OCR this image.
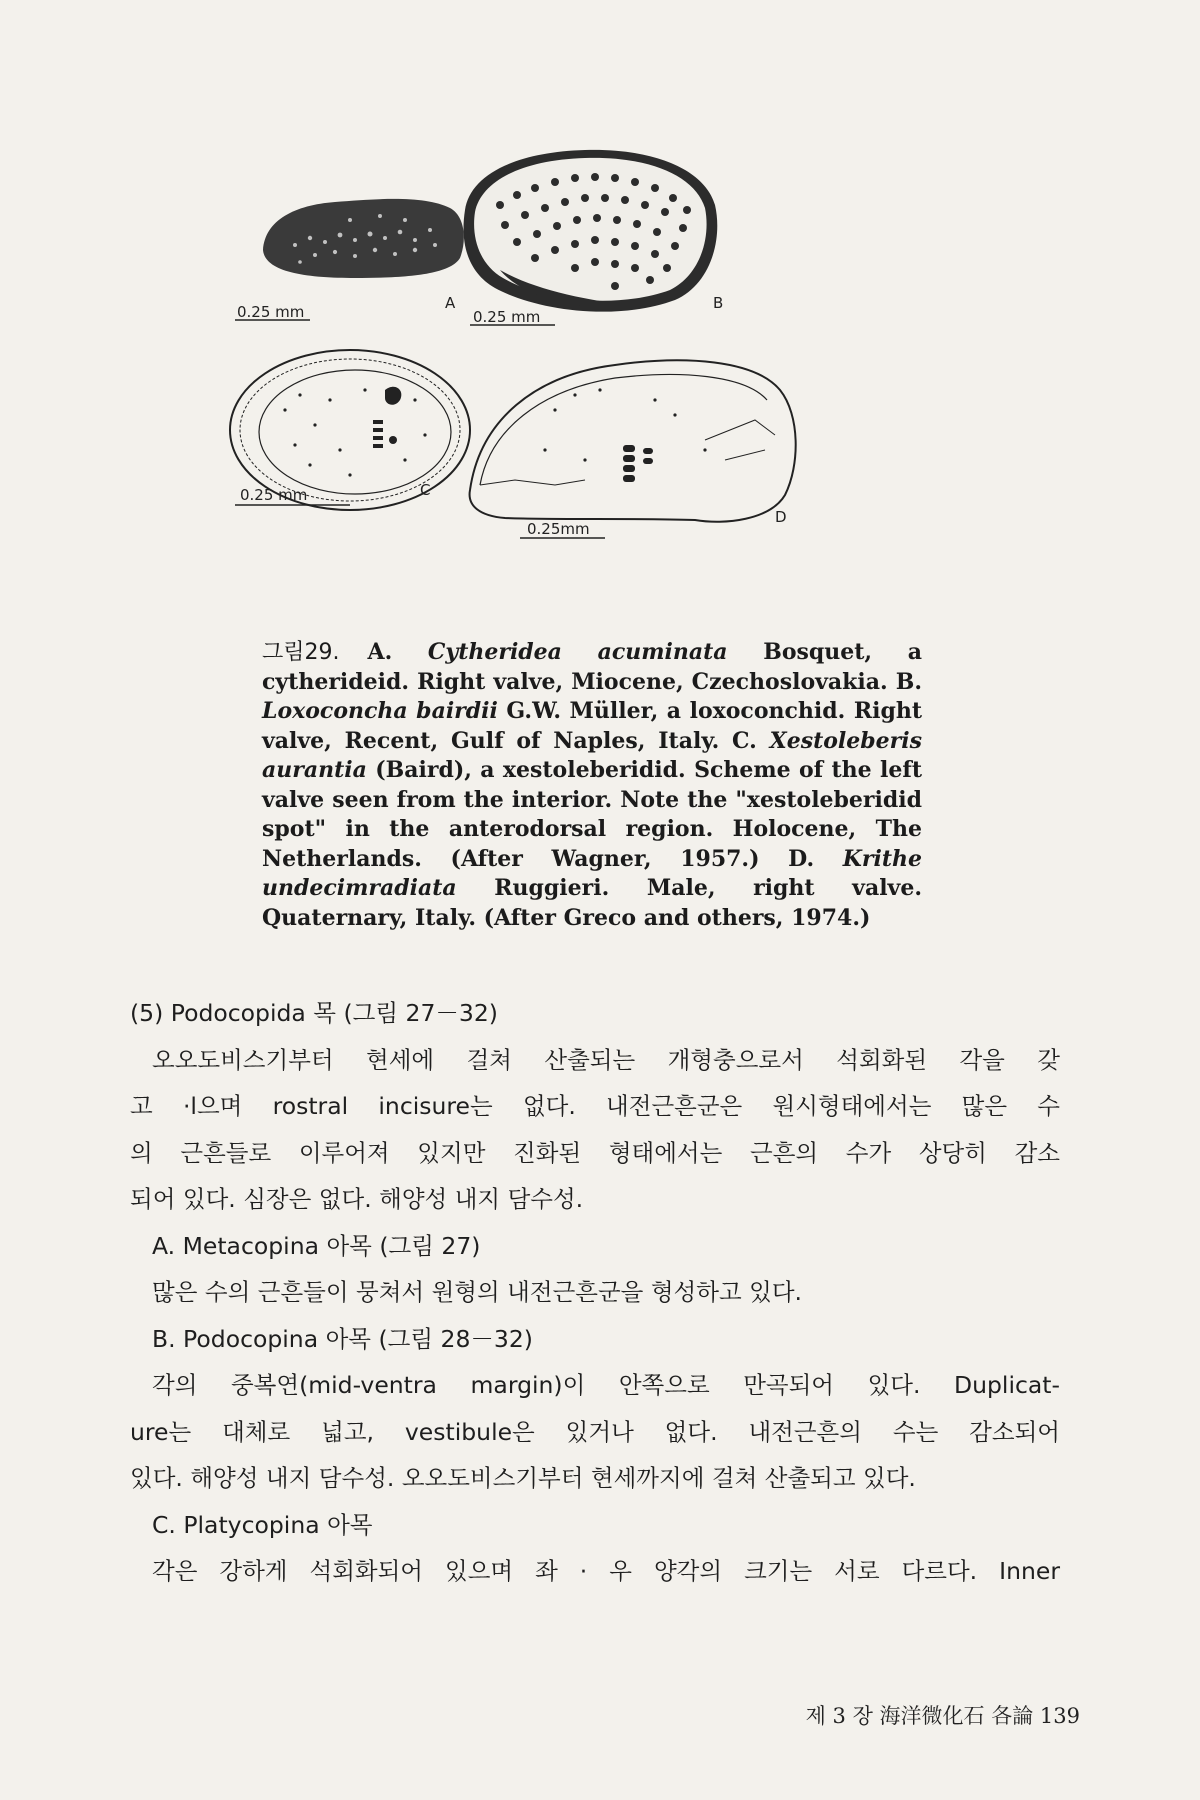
0.25 mm	A
0.25 mm
B
0.25 mm	C
0.25mm
D
그림29. A. Cytheridea acuminata Bosquet, a cytherideid. Right valve, Miocene, Czechoslovakia. B. Loxoconcha bairdii G.W. Müller, a loxoconchid. Right valve, Recent, Gulf of Naples, Italy. C. Xestoleberis aurantia (Baird), a xestoleberidid. Scheme of the left valve seen from the interior. Note the "xestoleberidid spot" in the anterodorsal region. Holocene, The Netherlands. (After Wagner, 1957.) D. Krithe undecimradiata Ruggieri. Male, right valve. Quaternary, Italy. (After Greco and others, 1974.)

(5) Podocopida 목 (그림 27－32)

오오도비스기부터 현세에 걸쳐 산출되는 개형충으로서 석회화된 각을 갖

고 ·l으며 rostral incisure는 없다. 내전근흔군은 원시형태에서는 많은 수

의 근흔들로 이루어져 있지만 진화된 형태에서는 근흔의 수가 상당히 감소

되어 있다. 심장은 없다. 해양성 내지 담수성.

A. Metacopina 아목 (그림 27)

많은 수의 근흔들이 뭉쳐서 원형의 내전근흔군을 형성하고 있다.

B. Podocopina 아목 (그림 28－32)

각의 중복연(mid-ventra margin)이 안쪽으로 만곡되어 있다. Duplicat-

ure는 대체로 넓고, vestibule은 있거나 없다. 내전근흔의 수는 감소되어

있다. 해양성 내지 담수성. 오오도비스기부터 현세까지에 걸쳐 산출되고 있다.

C. Platycopina 아목

각은 강하게 석회화되어 있으며 좌 · 우 양각의 크기는 서로 다르다. Inner

제 3 장 海洋微化石 各論 139
